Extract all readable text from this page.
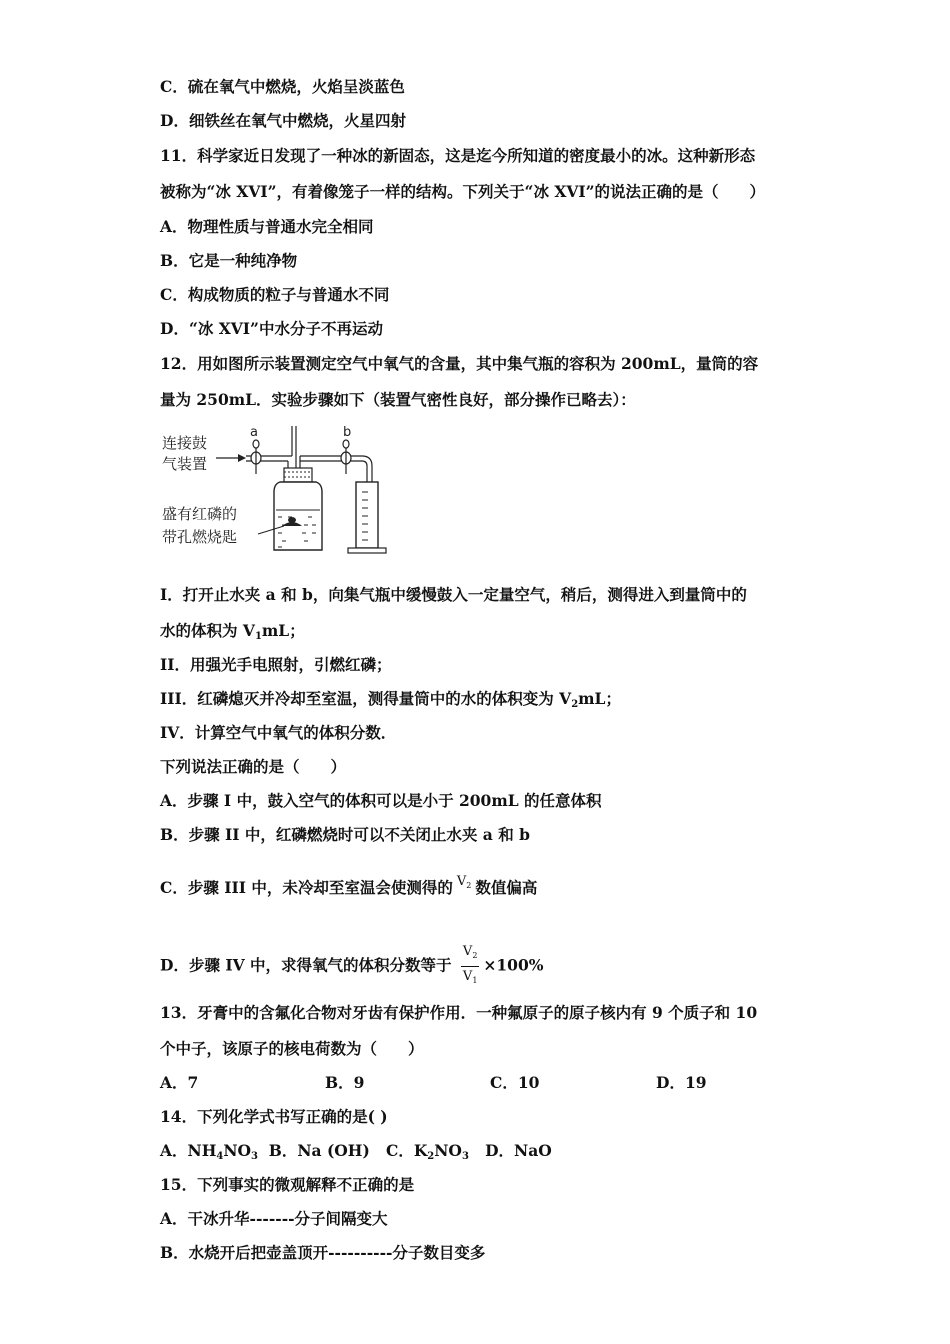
C．硫在氧气中燃烧，火焰呈淡蓝色
D．细铁丝在氧气中燃烧，火星四射
11．科学家近日发现了一种冰的新固态，这是迄今所知道的密度最小的冰。这种新形态
被称为“冰 XVI”，有着像笼子一样的结构。下列关于“冰 XVI”的说法正确的是（　　）
A．物理性质与普通水完全相同
B．它是一种纯净物
C．构成物质的粒子与普通水不同
D．“冰 XVI”中水分子不再运动
12．用如图所示装置测定空气中氧气的含量，其中集气瓶的容积为 200mL，量筒的容
量为 250mL．实验步骤如下（装置气密性良好，部分操作已略去）：
连接鼓
气装置
盛有红磷的
带孔燃烧匙
a	b
I．打开止水夹 a 和 b，向集气瓶中缓慢鼓入一定量空气，稍后，测得进入到量筒中的
水的体积为 $V_1mL$；
II．用强光手电照射，引燃红磷；
III．红磷熄灭并冷却至室温，测得量筒中的水的体积变为 $V_2mL$；
IV．计算空气中氧气的体积分数．
下列说法正确的是（　　）
A．步骤 I 中，鼓入空气的体积可以是小于 200mL 的任意体积
B．步骤 II 中，红磷燃烧时可以不关闭止水夹 a 和 b
C．步骤 III 中，未冷却至室温会使测得的 $V_2$ 数值偏高
D．步骤 IV 中，求得氧气的体积分数等于 $\frac{V_2}{V_1} \times 100\%$
13．牙膏中的含氟化合物对牙齿有保护作用．一种氟原子的原子核内有 9 个质子和 10
个中子，该原子的核电荷数为（　　）
A．7	B．9	C．10	D．19
14．下列化学式书写正确的是( )
A．$NH_4NO_3$ B．Na (OH) C．$K_2NO_3$ D．NaO
15．下列事实的微观解释不正确的是
A．干冰升华-------分子间隔变大
B．水烧开后把壶盖顶开----------分子数目变多
